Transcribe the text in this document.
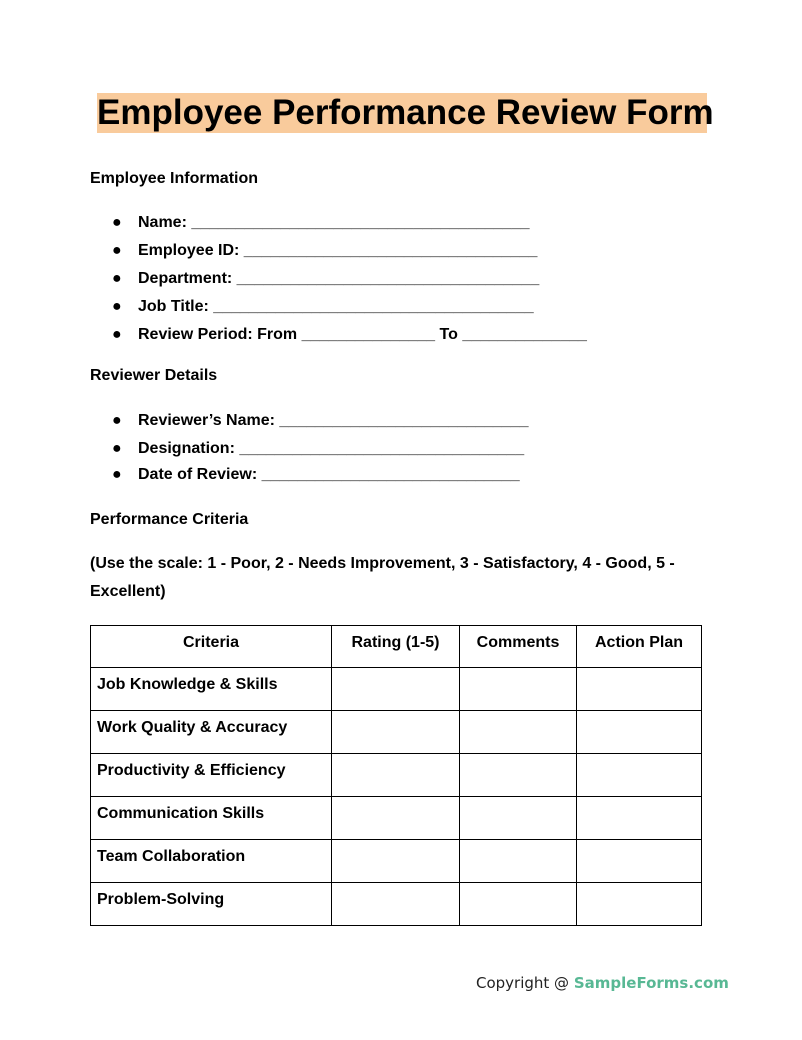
Employee Performance Review Form
Employee Information
● Name: ______________________________________
● Employee ID: _________________________________
● Department: __________________________________
● Job Title: ____________________________________
● Review Period: From _______________ To ______________
Reviewer Details
● Reviewer’s Name: ____________________________
● Designation: ________________________________
● Date of Review: _____________________________
Performance Criteria
(Use the scale: 1 - Poor, 2 - Needs Improvement, 3 - Satisfactory, 4 - Good, 5 - Excellent)
Criteria	Rating (1-5)	Comments	Action Plan
Job Knowledge & Skills			
Work Quality & Accuracy			
Productivity & Efficiency			
Communication Skills			
Team Collaboration			
Problem-Solving			
Copyright @ SampleForms.com
